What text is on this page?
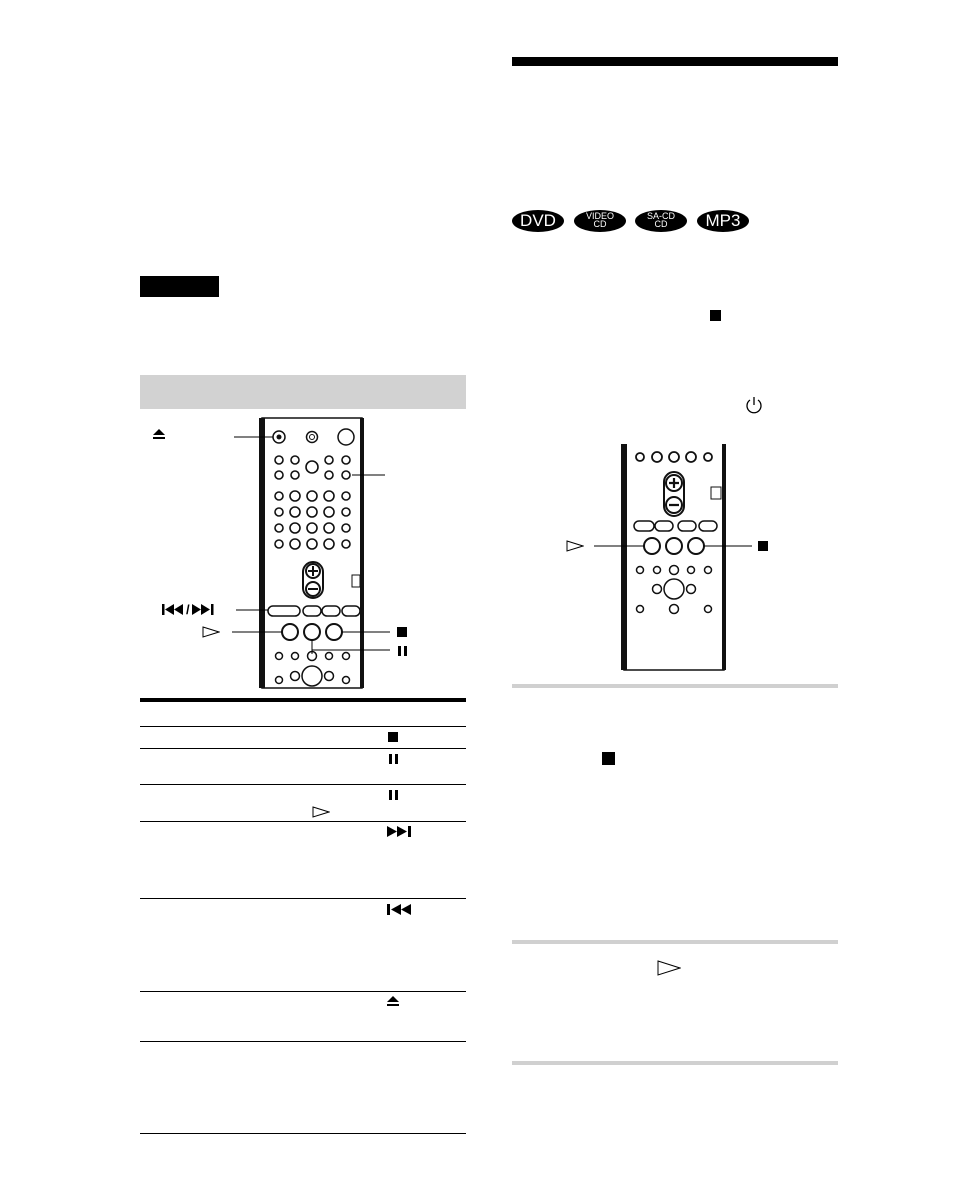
/
DVD	VIDEO
CD
SA-CD
CD MP3
